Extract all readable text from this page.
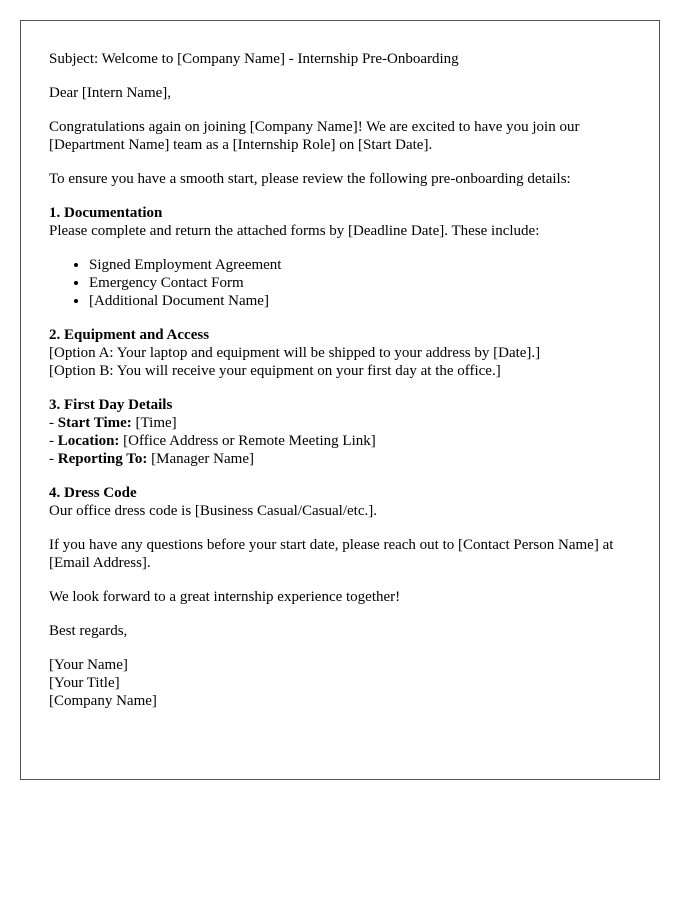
Subject: Welcome to [Company Name] - Internship Pre-Onboarding

Dear [Intern Name],

Congratulations again on joining [Company Name]! We are excited to have you join our [Department Name] team as a [Internship Role] on [Start Date].

To ensure you have a smooth start, please review the following pre-onboarding details:

1. Documentation
Please complete and return the attached forms by [Deadline Date]. These include:
• Signed Employment Agreement
• Emergency Contact Form
• [Additional Document Name]
2. Equipment and Access
[Option A: Your laptop and equipment will be shipped to your address by [Date].]
[Option B: You will receive your equipment on your first day at the office.]
3. First Day Details
- Start Time: [Time]
- Location: [Office Address or Remote Meeting Link]
- Reporting To: [Manager Name]
4. Dress Code
Our office dress code is [Business Casual/Casual/etc.].

If you have any questions before your start date, please reach out to [Contact Person Name] at [Email Address].

We look forward to a great internship experience together!

Best regards,

[Your Name]
[Your Title]
[Company Name]
